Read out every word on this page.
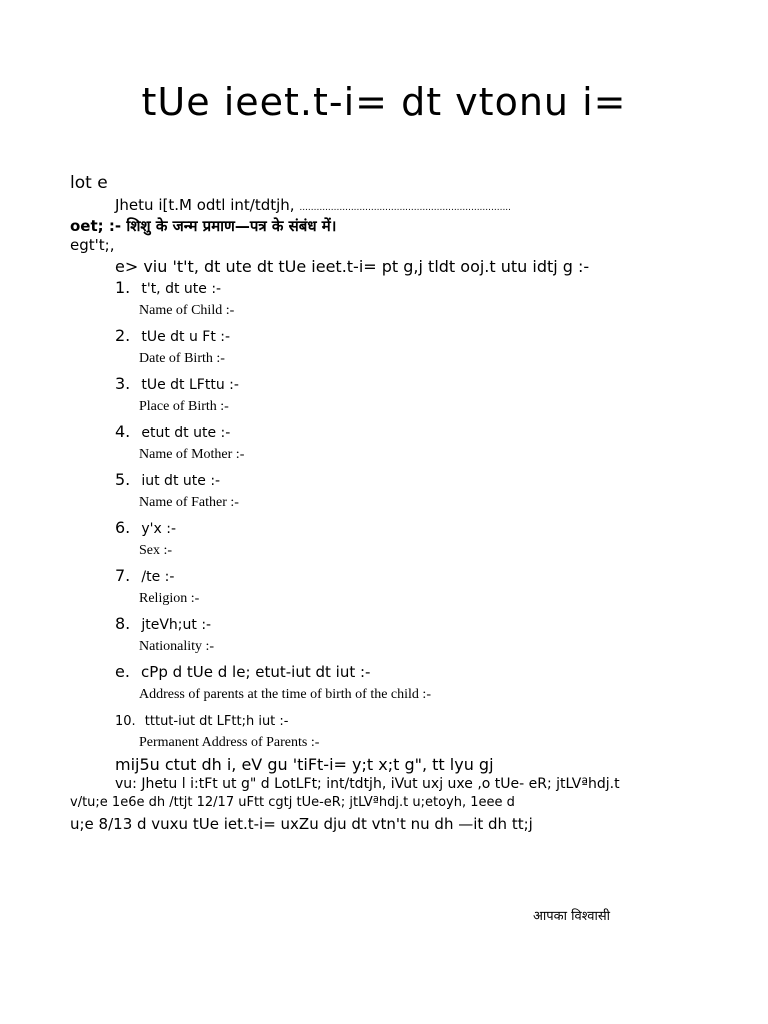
tUe ieet.t-i= dt vtonu i=
lot e
Jhetu i[t.M odtl int/tdtjh, ..........................................................................
oet; :- शिशु के जन्म प्रमाण—पत्र के संबंध में।
egt't;,
e> viu 't't, dt ute dt tUe ieet.t-i= pt g,j tldt ooj.t utu idtj g :-
1. t't, dt ute :-
Name of Child :-
2. tUe dt u Ft :-
Date of Birth :-
3. tUe dt LFttu :-
Place of Birth :-
4. etut dt ute :-
Name of Mother :-
5. iut dt ute :-
Name of Father :-
6. y'x :-
Sex :-
7. /te :-
Religion :-
8. jteVh;ut :-
Nationality :-
e. cPp d tUe d le; etut-iut dt iut :-
Address of parents at the time of birth of the child :-
10. tttut-iut dt LFtt;h iut :-
Permanent Address of Parents :-
mij5u ctut dh i, eV gu 'tiFt-i= y;t x;t g", tt lyu gj
vu: Jhetu l i:tFt ut g" d LotLFt; int/tdtjh, iVut uxj uxe ,o tUe- eR; jtLVªhdj.t
v/tu;e 1e6e dh /ttjt 12/17 uFtt cgtj tUe-eR; jtLVªhdj.t u;etoyh, 1eee d
u;e 8/13 d vuxu tUe iet.t-i= uxZu dju dt vtn't nu dh —it dh tt;j
आपका विश्वासी
